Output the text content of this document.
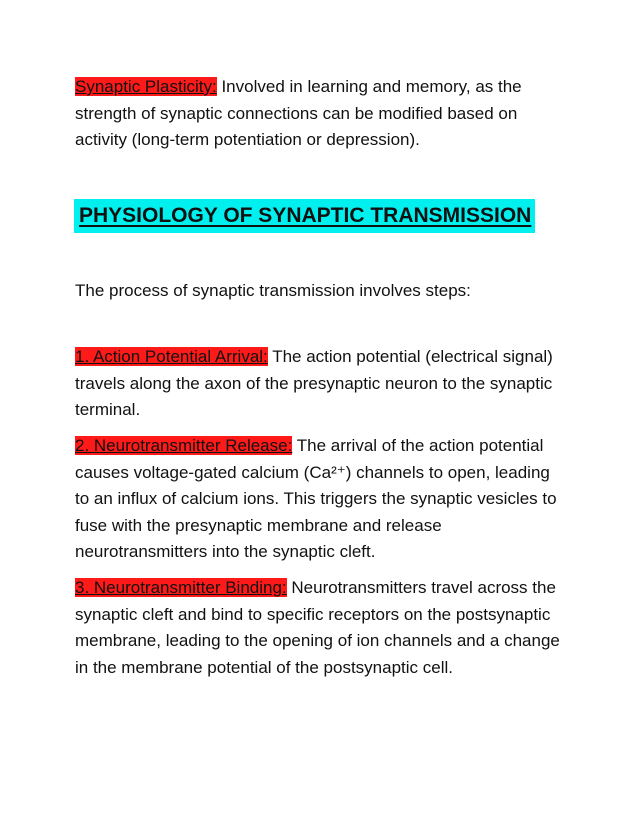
Synaptic Plasticity: Involved in learning and memory, as the strength of synaptic connections can be modified based on activity (long-term potentiation or depression).

PHYSIOLOGY OF SYNAPTIC TRANSMISSION

The process of synaptic transmission involves steps:

1. Action Potential Arrival: The action potential (electrical signal) travels along the axon of the presynaptic neuron to the synaptic terminal.

2. Neurotransmitter Release: The arrival of the action potential causes voltage-gated calcium (Ca²⁺) channels to open, leading to an influx of calcium ions. This triggers the synaptic vesicles to fuse with the presynaptic membrane and release neurotransmitters into the synaptic cleft.

3. Neurotransmitter Binding: Neurotransmitters travel across the synaptic cleft and bind to specific receptors on the postsynaptic membrane, leading to the opening of ion channels and a change in the membrane potential of the postsynaptic cell.
